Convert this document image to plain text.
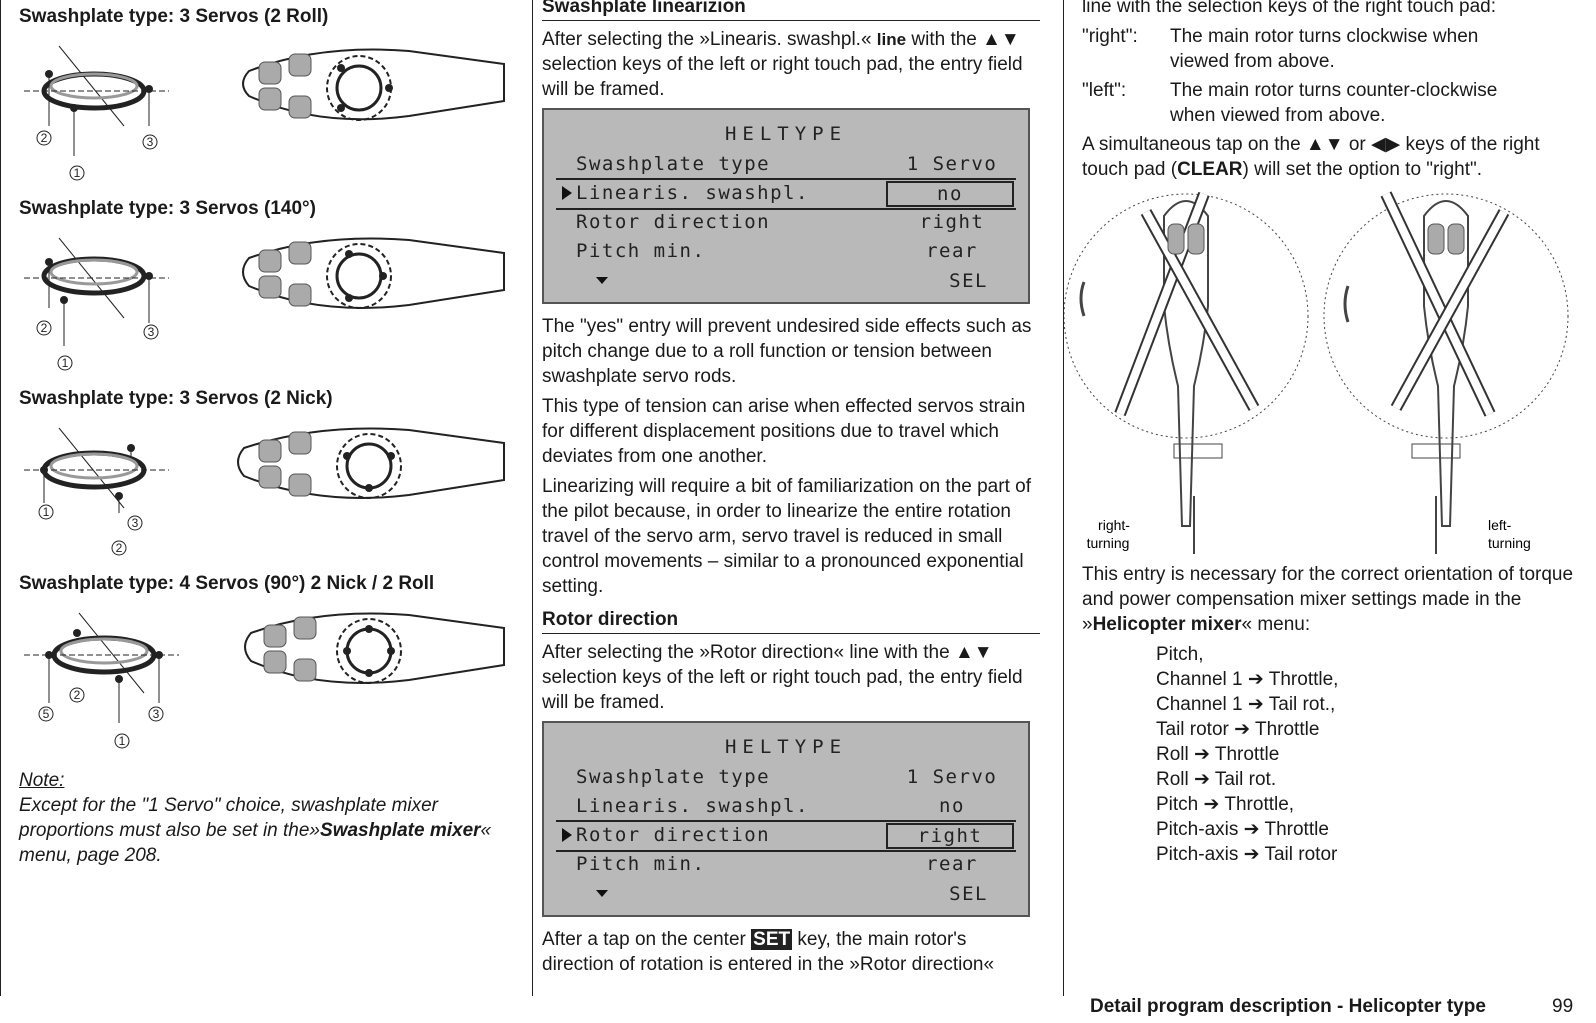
Swashplate type: 3 Servos (2 Roll)
2	3
1
Swashplate type: 3 Servos (140°)
2	3
1
Swashplate type: 3 Servos (2 Nick)
1
3
2
Swashplate type: 4 Servos (90°) 2 Nick / 2 Roll
2
5	3
1
Note:
Except for the "1 Servo" choice, swashplate mixer proportions must also be set in the»Swashplate mixer« menu, page 208.
Swashplate linearizion

After selecting the »Linearis. swashpl.« line with the ▲▼ selection keys of the left or right touch pad, the entry field will be framed.

HELTYPE
Swashplate type	1 Servo
Linearis. swashpl.	no
Rotor direction	right
Pitch min.	rear
SEL

The "yes" entry will prevent undesired side effects such as pitch change due to a roll function or tension between swashplate servo rods.

This type of tension can arise when effected servos strain for different displacement positions due to travel which deviates from one another.

Linearizing will require a bit of familiarization on the part of the pilot because, in order to linearize the entire rotation travel of the servo arm, servo travel is reduced in small control movements – similar to a pronounced exponential setting.

Rotor direction

After selecting the »Rotor direction« line with the ▲▼ selection keys of the left or right touch pad, the entry field will be framed.

HELTYPE
Swashplate type	1 Servo
Linearis. swashpl.	no
Rotor direction	right
Pitch min.	rear
SEL

After a tap on the center SET key, the main rotor's direction of rotation is entered in the »Rotor direction«

line with the selection keys of the right touch pad:

"right": The main rotor turns clockwise when viewed from above.
"left": The main rotor turns counter-clockwise when viewed from above.

A simultaneous tap on the ▲▼ or ◀▶ keys of the right touch pad (CLEAR) will set the option to "right".

right-turning
left-turning

This entry is necessary for the correct orientation of torque and power compensation mixer settings made in the »Helicopter mixer« menu:

Pitch,
Channel 1 ➔ Throttle,
Channel 1 ➔ Tail rot.,
Tail rotor ➔ Throttle
Roll ➔ Throttle
Roll ➔ Tail rot.
Pitch ➔ Throttle,
Pitch-axis ➔ Throttle
Pitch-axis ➔ Tail rotor
Detail program description - Helicopter type	99
